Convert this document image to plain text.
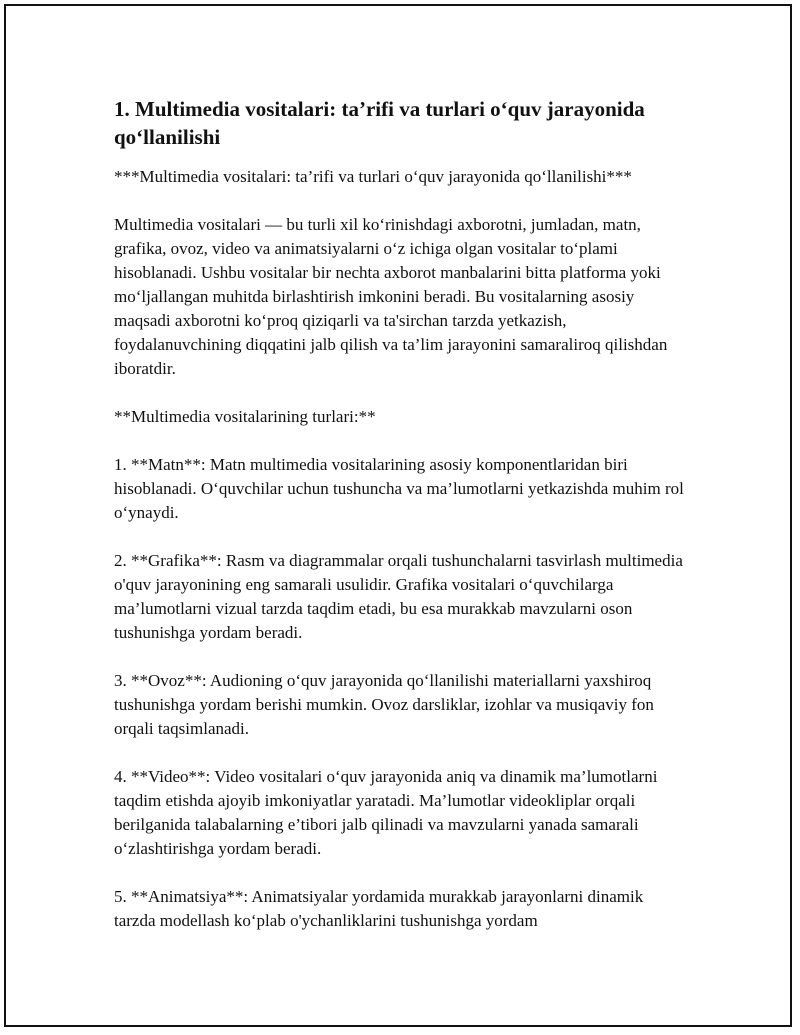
1. Multimedia vositalari: ta’rifi va turlari o‘quv jarayonida qo‘llanilishi

***Multimedia vositalari: ta’rifi va turlari o‘quv jarayonida qo‘llanilishi***

Multimedia vositalari — bu turli xil ko‘rinishdagi axborotni, jumladan, matn, grafika, ovoz, video va animatsiyalarni o‘z ichiga olgan vositalar to‘plami hisoblanadi. Ushbu vositalar bir nechta axborot manbalarini bitta platforma yoki mo‘ljallangan muhitda birlashtirish imkonini beradi. Bu vositalarning asosiy maqsadi axborotni ko‘proq qiziqarli va ta'sirchan tarzda yetkazish, foydalanuvchining diqqatini jalb qilish va ta’lim jarayonini samaraliroq qilishdan iboratdir.

**Multimedia vositalarining turlari:**

1. **Matn**: Matn multimedia vositalarining asosiy komponentlaridan biri hisoblanadi. O‘quvchilar uchun tushuncha va ma’lumotlarni yetkazishda muhim rol o‘ynaydi.

2. **Grafika**: Rasm va diagrammalar orqali tushunchalarni tasvirlash multimedia o'quv jarayonining eng samarali usulidir. Grafika vositalari o‘quvchilarga ma’lumotlarni vizual tarzda taqdim etadi, bu esa murakkab mavzularni oson tushunishga yordam beradi.

3. **Ovoz**: Audioning o‘quv jarayonida qo‘llanilishi materiallarni yaxshiroq tushunishga yordam berishi mumkin. Ovoz darsliklar, izohlar va musiqaviy fon orqali taqsimlanadi.

4. **Video**: Video vositalari o‘quv jarayonida aniq va dinamik ma’lumotlarni taqdim etishda ajoyib imkoniyatlar yaratadi. Ma’lumotlar videokliplar orqali berilganida talabalarning e’tibori jalb qilinadi va mavzularni yanada samarali o‘zlashtirishga yordam beradi.

5. **Animatsiya**: Animatsiyalar yordamida murakkab jarayonlarni dinamik tarzda modellash ko‘plab o'ychanliklarini tushunishga yordam
